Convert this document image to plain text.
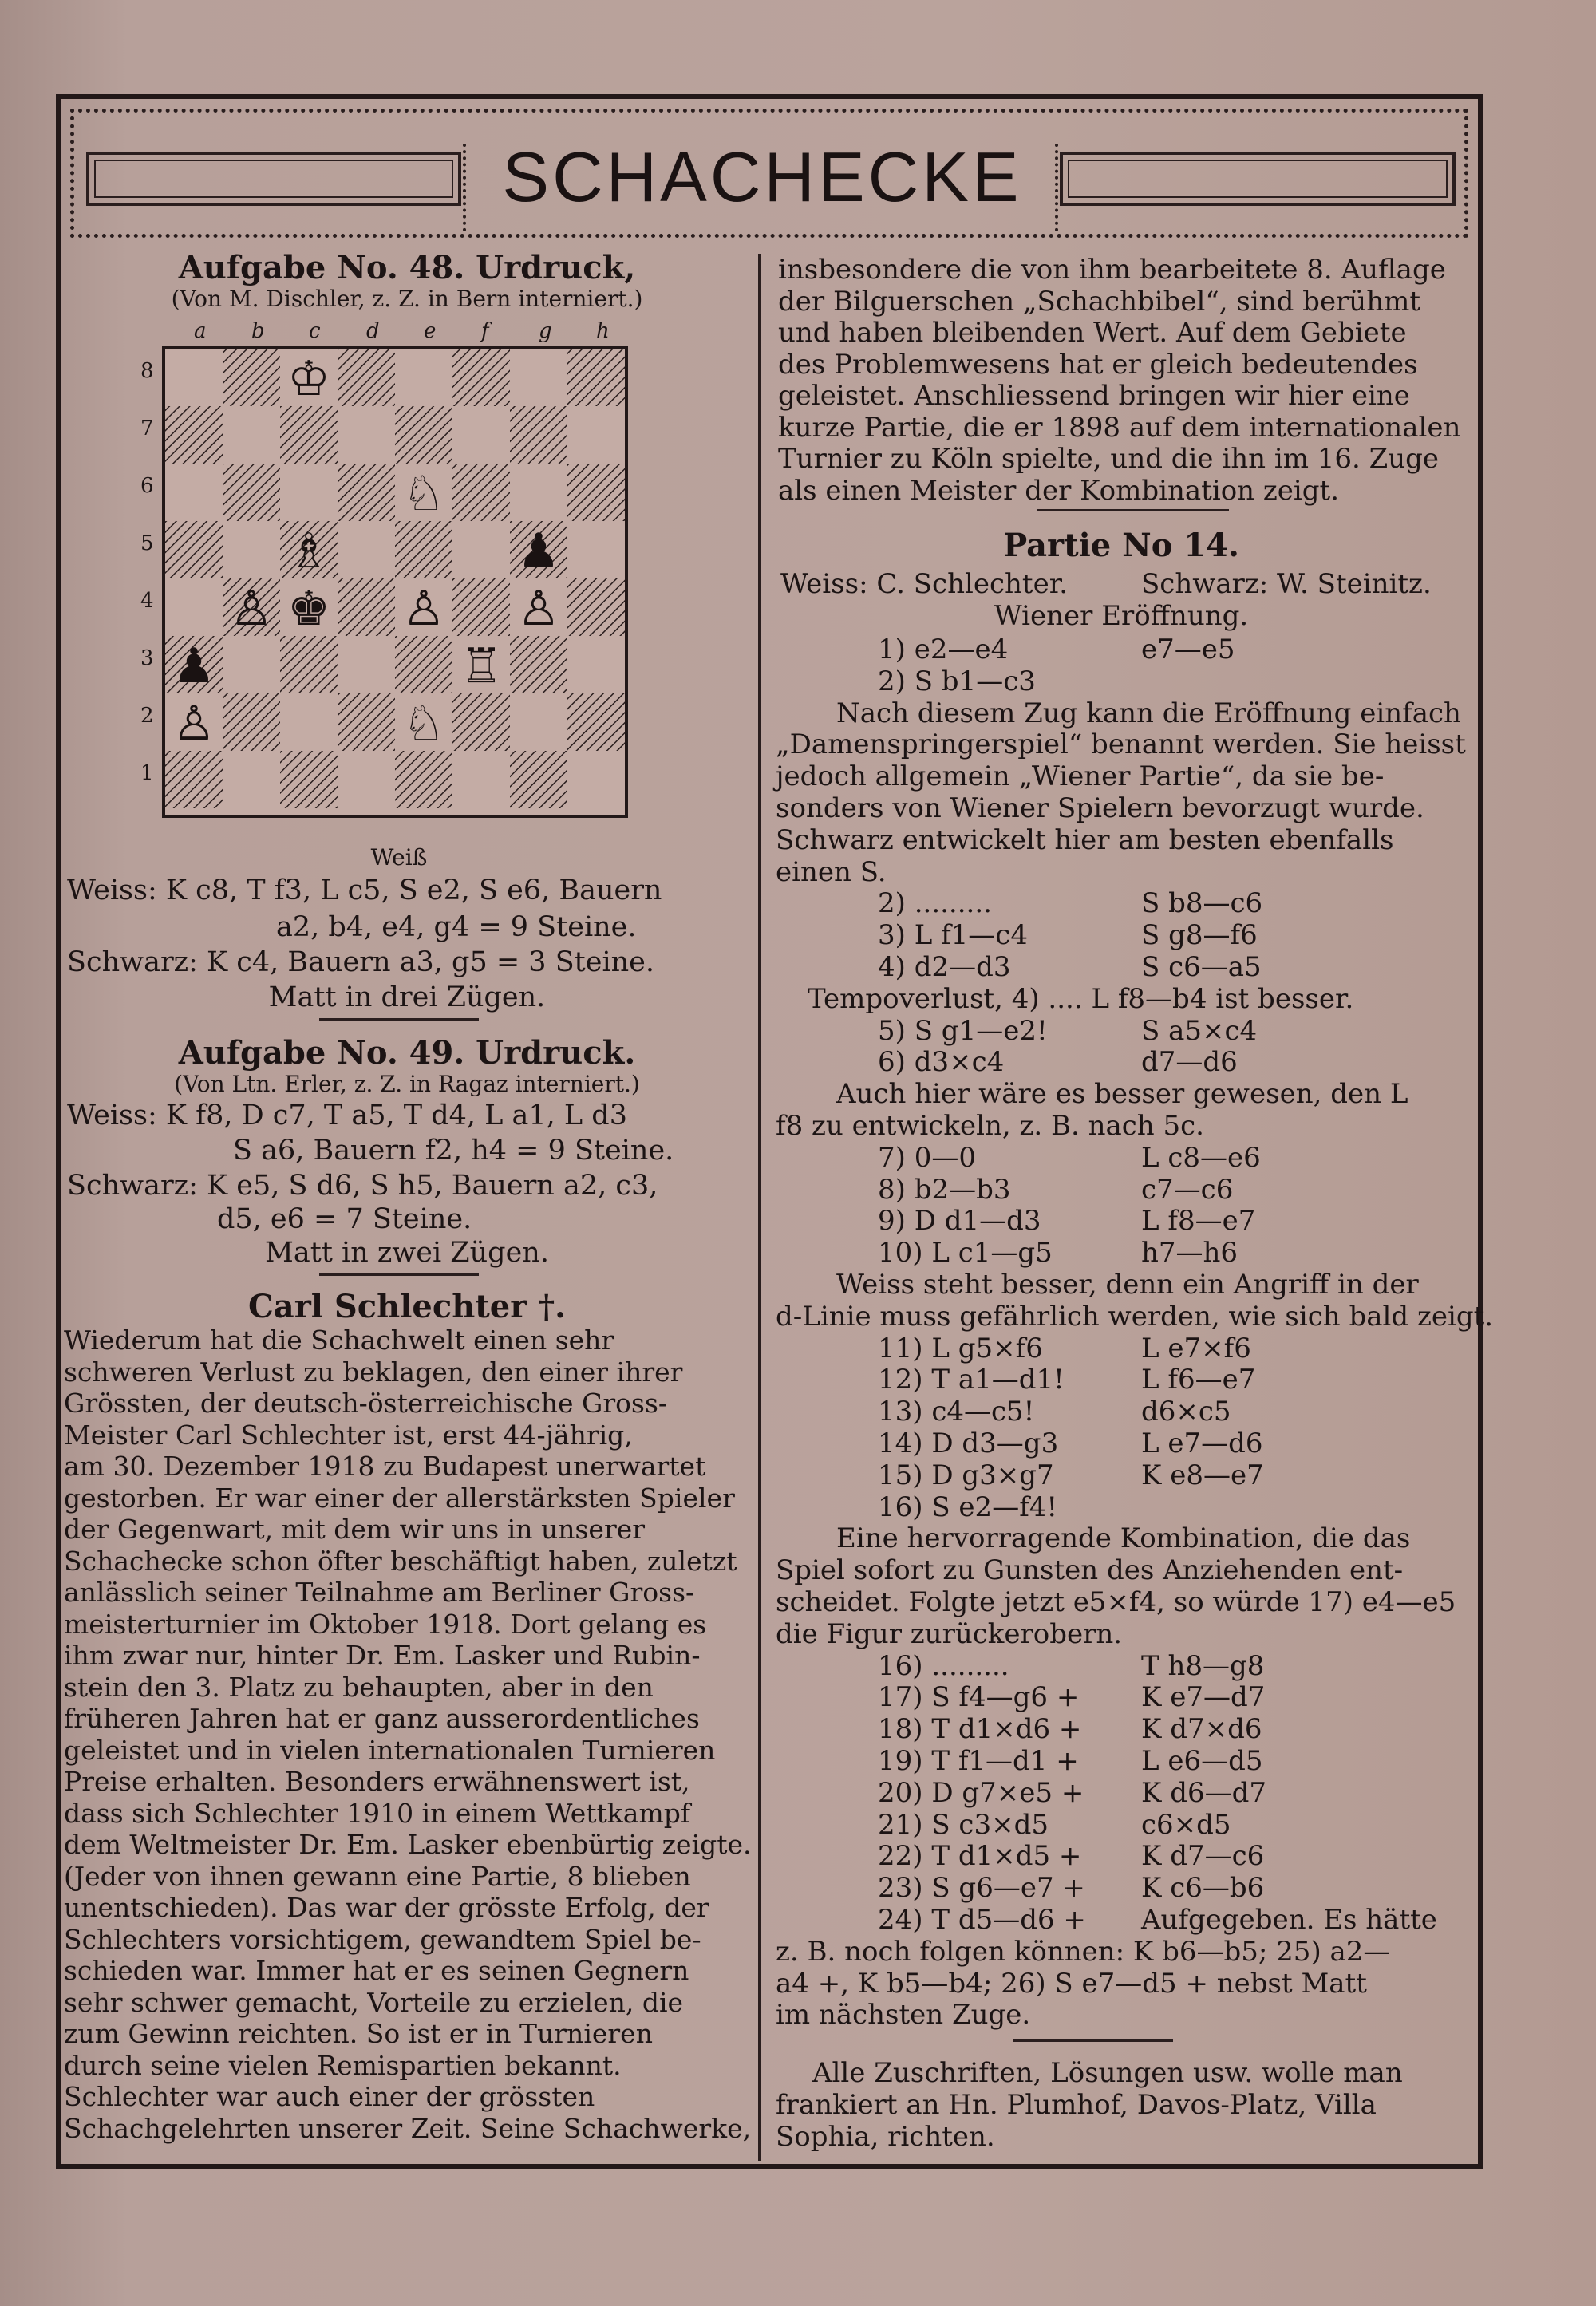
SCHACHECKE
Aufgabe No. 48. Urdruck,
(Von M. Dischler, z. Z. in Bern interniert.)
a b c d e f g h
8
7
6
5
4
3
2
1
♔
♘
♗	♟
♙ ♚ ♙ ♙
♟	♖
♙	♘
Weiß
Weiss: K c8, T f3, L c5, S e2, S e6, Bauern
a2, b4, e4, g4 = 9 Steine.
Schwarz: K c4, Bauern a3, g5 = 3 Steine.
Matt in drei Zügen.
Aufgabe No. 49. Urdruck.
(Von Ltn. Erler, z. Z. in Ragaz interniert.)
Weiss: K f8, D c7, T a5, T d4, L a1, L d3
S a6, Bauern f2, h4 = 9 Steine.
Schwarz: K e5, S d6, S h5, Bauern a2, c3,
d5, e6 = 7 Steine.
Matt in zwei Zügen.
Carl Schlechter †.
Wiederum hat die Schachwelt einen sehr
schweren Verlust zu beklagen, den einer ihrer
Grössten, der deutsch-österreichische Gross-
Meister Carl Schlechter ist, erst 44-jährig,
am 30. Dezember 1918 zu Budapest unerwartet
gestorben. Er war einer der allerstärksten Spieler
der Gegenwart, mit dem wir uns in unserer
Schachecke schon öfter beschäftigt haben, zuletzt
anlässlich seiner Teilnahme am Berliner Gross-
meisterturnier im Oktober 1918. Dort gelang es
ihm zwar nur, hinter Dr. Em. Lasker und Rubin-
stein den 3. Platz zu behaupten, aber in den
früheren Jahren hat er ganz ausserordentliches
geleistet und in vielen internationalen Turnieren
Preise erhalten. Besonders erwähnenswert ist,
dass sich Schlechter 1910 in einem Wettkampf
dem Weltmeister Dr. Em. Lasker ebenbürtig zeigte.
(Jeder von ihnen gewann eine Partie, 8 blieben
unentschieden). Das war der grösste Erfolg, der
Schlechters vorsichtigem, gewandtem Spiel be-
schieden war. Immer hat er es seinen Gegnern
sehr schwer gemacht, Vorteile zu erzielen, die
zum Gewinn reichten. So ist er in Turnieren
durch seine vielen Remispartien bekannt.
Schlechter war auch einer der grössten
Schachgelehrten unserer Zeit. Seine Schachwerke,
insbesondere die von ihm bearbeitete 8. Auflage
der Bilguerschen „Schachbibel“, sind berühmt
und haben bleibenden Wert. Auf dem Gebiete
des Problemwesens hat er gleich bedeutendes
geleistet. Anschliessend bringen wir hier eine
kurze Partie, die er 1898 auf dem internationalen
Turnier zu Köln spielte, und die ihn im 16. Zuge
als einen Meister der Kombination zeigt.
Partie No 14.
Weiss: C. Schlechter.	Schwarz: W. Steinitz.
Wiener Eröffnung.
1) e2—e4	e7—e5
2) S b1—c3
Nach diesem Zug kann die Eröffnung einfach
„Damenspringerspiel“ benannt werden. Sie heisst
jedoch allgemein „Wiener Partie“, da sie be-
sonders von Wiener Spielern bevorzugt wurde.
Schwarz entwickelt hier am besten ebenfalls
einen S.
2) .........	S b8—c6
3) L f1—c4	S g8—f6
4) d2—d3	S c6—a5
Tempoverlust, 4) .... L f8—b4 ist besser.
5) S g1—e2!	S a5×c4
6) d3×c4	d7—d6
Auch hier wäre es besser gewesen, den L
f8 zu entwickeln, z. B. nach 5c.
7) 0—0	L c8—e6
8) b2—b3	c7—c6
9) D d1—d3	L f8—e7
10) L c1—g5	h7—h6
Weiss steht besser, denn ein Angriff in der
d-Linie muss gefährlich werden, wie sich bald zeigt.
11) L g5×f6	L e7×f6
12) T a1—d1!	L f6—e7
13) c4—c5!	d6×c5
14) D d3—g3	L e7—d6
15) D g3×g7	K e8—e7
16) S e2—f4!
Eine hervorragende Kombination, die das
Spiel sofort zu Gunsten des Anziehenden ent-
scheidet. Folgte jetzt e5×f4, so würde 17) e4—e5
die Figur zurückerobern.
16) .........	T h8—g8
17) S f4—g6 + K e7—d7
18) T d1×d6 + K d7×d6
19) T f1—d1 + L e6—d5
20) D g7×e5 + K d6—d7
21) S c3×d5	c6×d5
22) T d1×d5 + K d7—c6
23) S g6—e7 + K c6—b6
24) T d5—d6 + Aufgegeben. Es hätte
z. B. noch folgen können: K b6—b5; 25) a2—
a4 +, K b5—b4; 26) S e7—d5 + nebst Matt
im nächsten Zuge.
Alle Zuschriften, Lösungen usw. wolle man
frankiert an Hn. Plumhof, Davos-Platz, Villa
Sophia, richten.
